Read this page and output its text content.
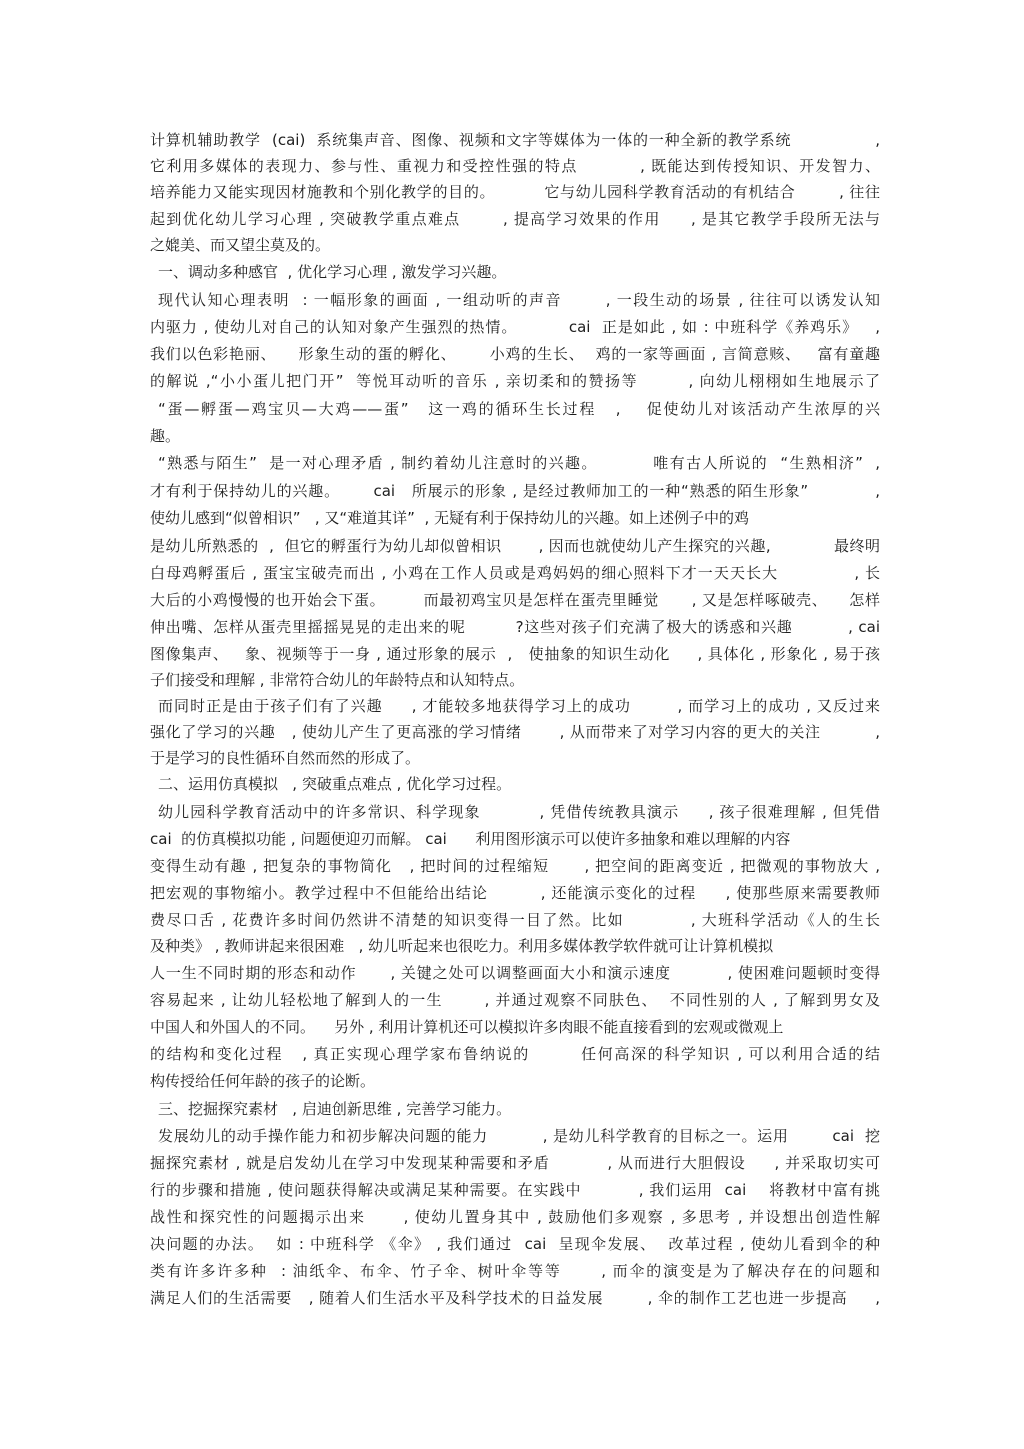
计算机辅助教学  (cai)  系统集声音、图像、视频和文字等媒体为一体的一种全新的教学系统               ,
它利用多媒体的表现力、参与性、重视力和受控性强的特点          , 既能达到传授知识、开发智力、
培养能力又能实现因材施教和个别化教学的目的。         它与幼儿园科学教育活动的有机结合        , 往往
起到优化幼儿学习心理 , 突破教学重点难点       , 提高学习效果的作用     , 是其它教学手段所无法与
之媲美、而又望尘莫及的。
一、调动多种感官  , 优化学习心理 , 激发学习兴趣。
现代认知心理表明  : 一幅形象的画面 , 一组动听的声音       , 一段生动的场景 , 往往可以诱发认知
内驱力 , 使幼儿对自己的认知对象产生强烈的热情。         cai  正是如此 , 如 : 中班科学《养鸡乐》   ,
我们以色彩艳丽、    形象生动的蛋的孵化、      小鸡的生长、  鸡的一家等画面 , 言简意赅、   富有童趣
的解说 ,“小小蛋儿把门开”  等悦耳动听的音乐 , 亲切柔和的赞扬等        , 向幼儿栩栩如生地展示了
“蛋—孵蛋—鸡宝贝—大鸡——蛋”   这一鸡的循环生长过程   ,    促使幼儿对该活动产生浓厚的兴
趣。
“熟悉与陌生”  是一对心理矛盾 , 制约着幼儿注意时的兴趣。         唯有古人所说的  “生熟相济”  ,
才有利于保持幼儿的兴趣。      cai   所展示的形象 , 是经过教师加工的一种“熟悉的陌生形象”            ,
使幼儿感到“似曾相识”   , 又“难道其详”  , 无疑有利于保持幼儿的兴趣。如上述例子中的鸡
是幼儿所熟悉的  ,  但它的孵蛋行为幼儿却似曾相识       , 因而也就使幼儿产生探究的兴趣,            最终明
白母鸡孵蛋后 , 蛋宝宝破壳而出 , 小鸡在工作人员或是鸡妈妈的细心照料下才一天天长大             , 长
大后的小鸡慢慢的也开始会下蛋。       而最初鸡宝贝是怎样在蛋壳里睡觉      , 又是怎样啄破壳、    怎样
伸出嘴、怎样从蛋壳里摇摇晃晃的走出来的呢         ?这些对孩子们充满了极大的诱惑和兴趣          , cai
图像集声、   象、视频等于一身 , 通过形象的展示  ,   使抽象的知识生动化     , 具体化 , 形象化 , 易于孩
子们接受和理解 , 非常符合幼儿的年龄特点和认知特点。
而同时正是由于孩子们有了兴趣     , 才能较多地获得学习上的成功        , 而学习上的成功 , 又反过来
强化了学习的兴趣   , 使幼儿产生了更高涨的学习情绪       , 从而带来了对学习内容的更大的关注          ,
于是学习的良性循环自然而然的形成了。
二、运用仿真模拟   , 突破重点难点 , 优化学习过程。
幼儿园科学教育活动中的许多常识、科学现象          , 凭借传统教具演示     , 孩子很难理解 , 但凭借
cai  的仿真模拟功能 , 问题便迎刃而解。 cai      利用图形演示可以使许多抽象和难以理解的内容
变得生动有趣 , 把复杂的事物简化   , 把时间的过程缩短      , 把空间的距离变近 , 把微观的事物放大 ,
把宏观的事物缩小。教学过程中不但能给出结论         , 还能演示变化的过程     , 使那些原来需要教师
费尽口舌 , 花费许多时间仍然讲不清楚的知识变得一目了然。比如           , 大班科学活动《人的生长
及种类》 , 教师讲起来很困难   , 幼儿听起来也很吃力。利用多媒体教学软件就可让计算机模拟
人一生不同时期的形态和动作      , 关键之处可以调整画面大小和演示速度          , 使困难问题顿时变得
容易起来 , 让幼儿轻松地了解到人的一生       , 并通过观察不同肤色、  不同性别的人 , 了解到男女及
中国人和外国人的不同。    另外 , 利用计算机还可以模拟许多肉眼不能直接看到的宏观或微观上
的结构和变化过程   , 真正实现心理学家布鲁纳说的        任何高深的科学知识 , 可以利用合适的结
构传授给任何年龄的孩子的论断。
三、挖掘探究素材   , 启迪创新思维 , 完善学习能力。
发展幼儿的动手操作能力和初步解决问题的能力          , 是幼儿科学教育的目标之一。运用        cai  挖
掘探究素材 , 就是启发幼儿在学习中发现某种需要和矛盾          , 从而进行大胆假设     , 并采取切实可
行的步骤和措施 , 使问题获得解决或满足某种需要。在实践中          , 我们运用  cai    将教材中富有挑
战性和探究性的问题揭示出来      , 使幼儿置身其中 , 鼓励他们多观察 , 多思考 , 并设想出创造性解
决问题的办法。  如 : 中班科学 《伞》 , 我们通过  cai  呈现伞发展、  改革过程 , 使幼儿看到伞的种
类有许多许多种  : 油纸伞、布伞、竹子伞、树叶伞等等      , 而伞的演变是为了解决存在的问题和
满足人们的生活需要   , 随着人们生活水平及科学技术的日益发展        , 伞的制作工艺也进一步提高     ,
